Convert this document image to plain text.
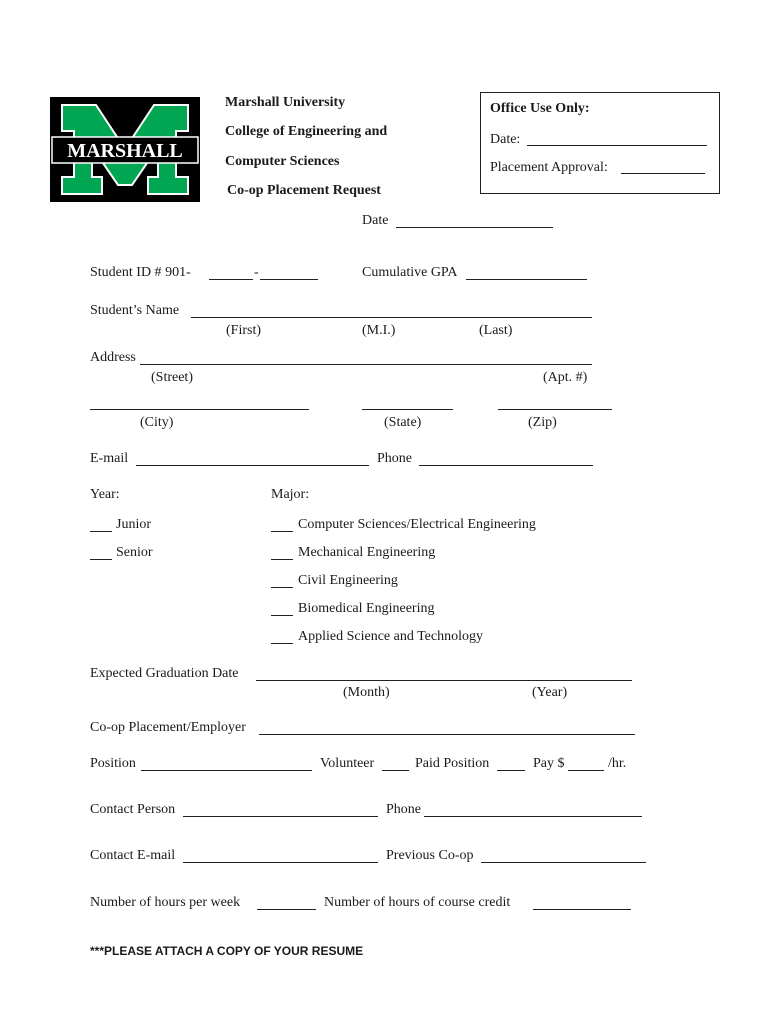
MARSHALL
TM
Marshall University
College of Engineering and
Computer Sciences
Co-op Placement Request
Office Use Only:
Date:
Placement Approval:
Date
Student ID # 901-	-	Cumulative GPA
Student’s Name
(First)	(M.I.)	(Last)
Address
(Street)	(Apt. #)
(City)	(State)	(Zip)
E-mail	Phone
Year:	Major:
Junior
Senior
Computer Sciences/Electrical Engineering
Mechanical Engineering
Civil Engineering
Biomedical Engineering
Applied Science and Technology
Expected Graduation Date
(Month)	(Year)
Co-op Placement/Employer
Position	Volunteer	Paid Position	Pay $	/hr.
Contact Person	Phone
Contact E-mail	Previous Co-op
Number of hours per week	Number of hours of course credit
***PLEASE ATTACH A COPY OF YOUR RESUME
